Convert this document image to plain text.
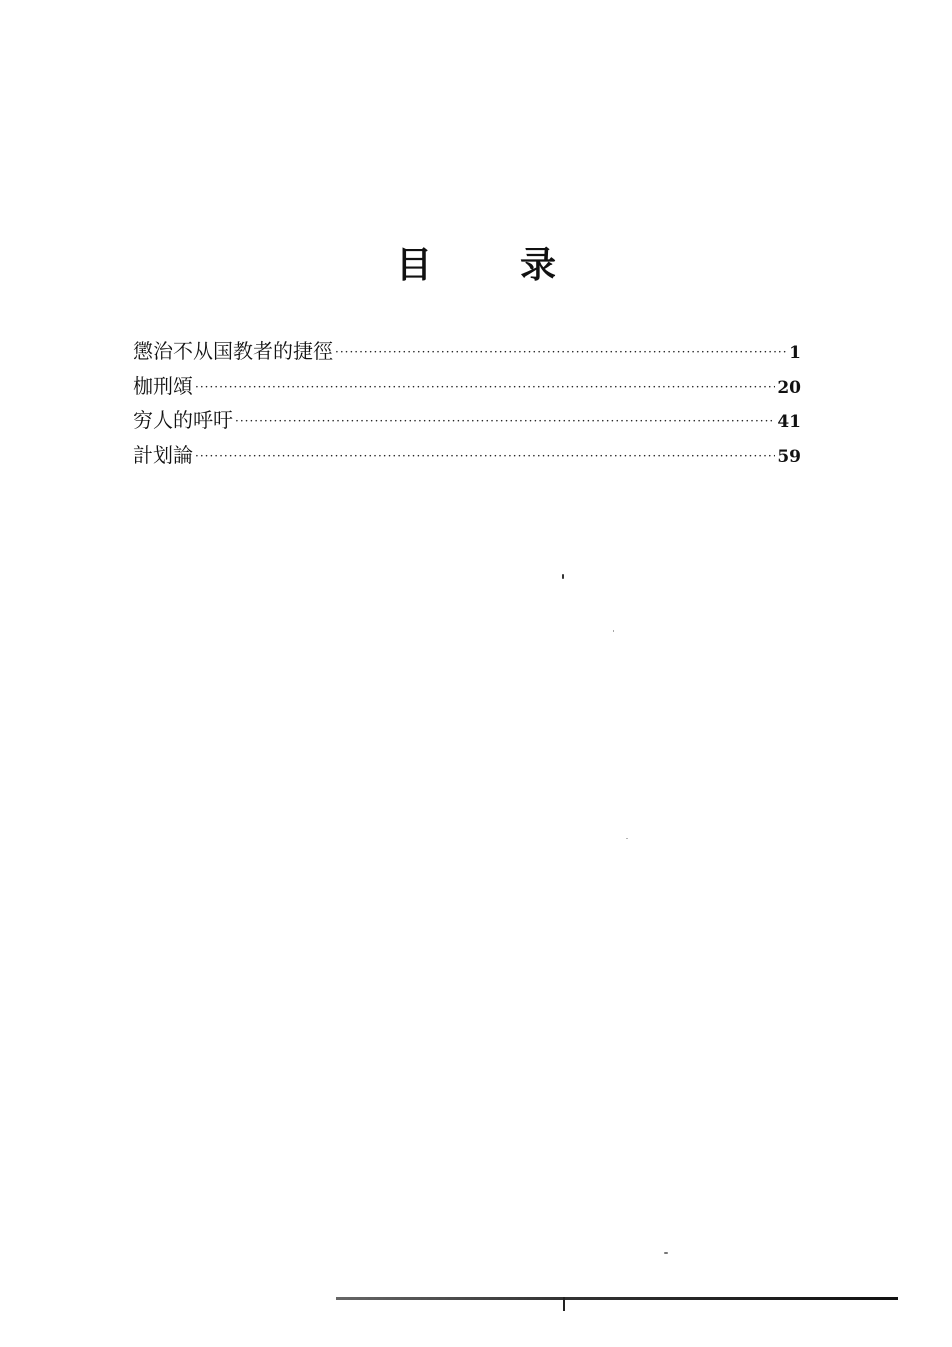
目 录
懲治不从国教者的捷徑 ·····	1
枷刑頌 ·····	20
穷人的呼吁 ·····	41
計划論 ·····	59
